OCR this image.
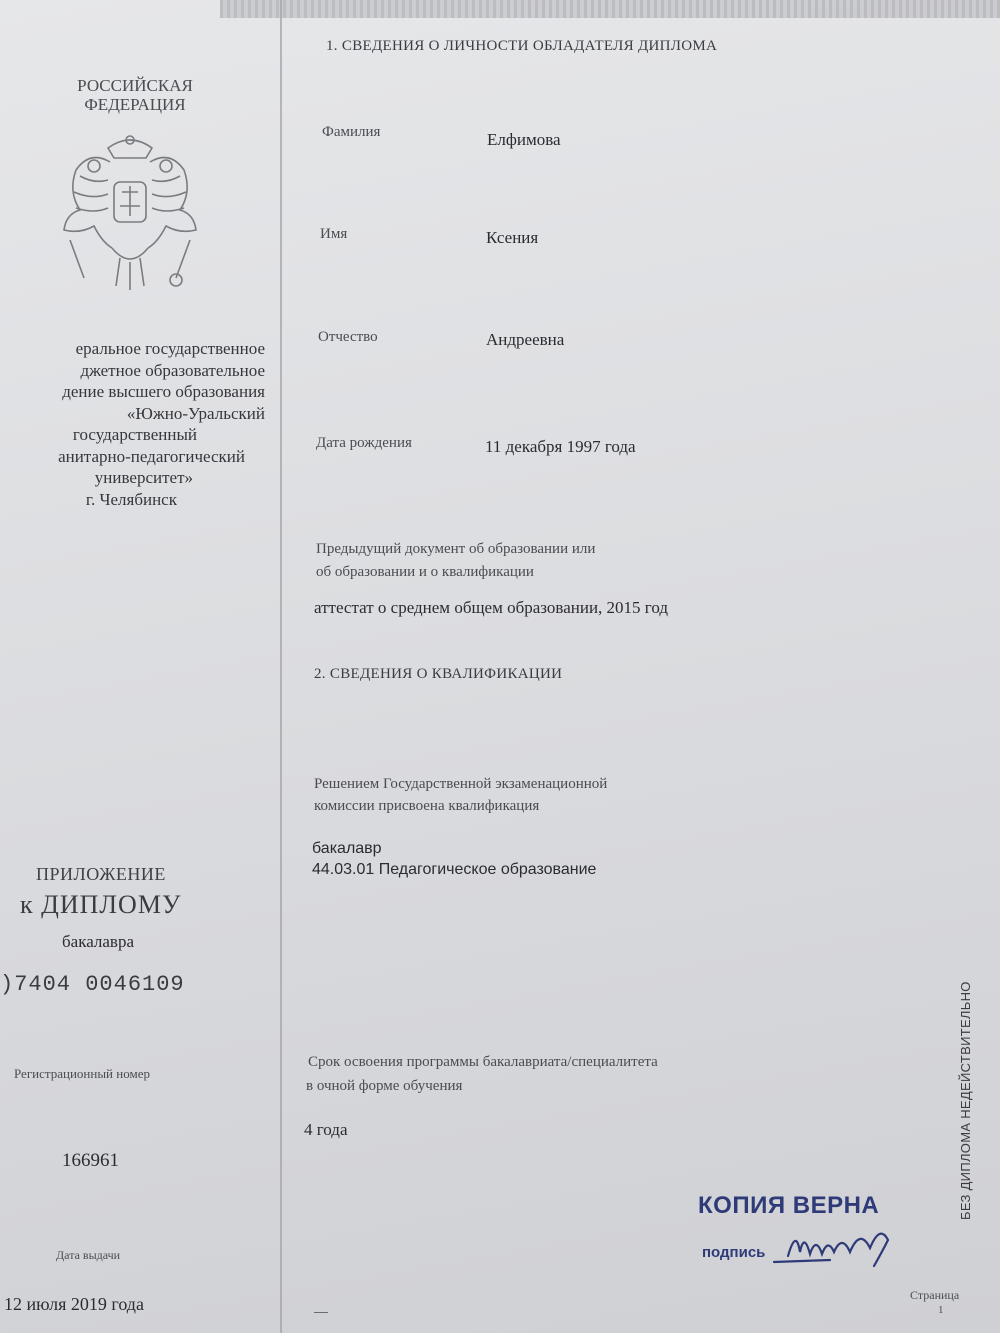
РОССИЙСКАЯ
ФЕДЕРАЦИЯ
еральное государственное
джетное образовательное
дение высшего образования
«Южно-Уральский
государственный
анитарно-педагогический
университет»
г. Челябинск
ПРИЛОЖЕНИЕ
к ДИПЛОМУ
бакалавра
)7404 0046109
Регистрационный номер
166961
Дата выдачи
12 июля 2019 года
1. СВЕДЕНИЯ О ЛИЧНОСТИ ОБЛАДАТЕЛЯ ДИПЛОМА
Фамилия	Елфимова
Имя	Ксения
Отчество	Андреевна
Дата рождения	11 декабря 1997 года
Предыдущий документ об образовании или
об образовании и о квалификации
аттестат о среднем общем образовании, 2015 год
2. СВЕДЕНИЯ О КВАЛИФИКАЦИИ
Решением Государственной экзаменационной
комиссии присвоена квалификация
бакалавр
44.03.01 Педагогическое образование
Срок освоения программы бакалавриата/специалитета
в очной форме обучения
4 года
КОПИЯ ВЕРНА
подпись
БЕЗ ДИПЛОМА НЕДЕЙСТВИТЕЛЬНО
Страница
1
